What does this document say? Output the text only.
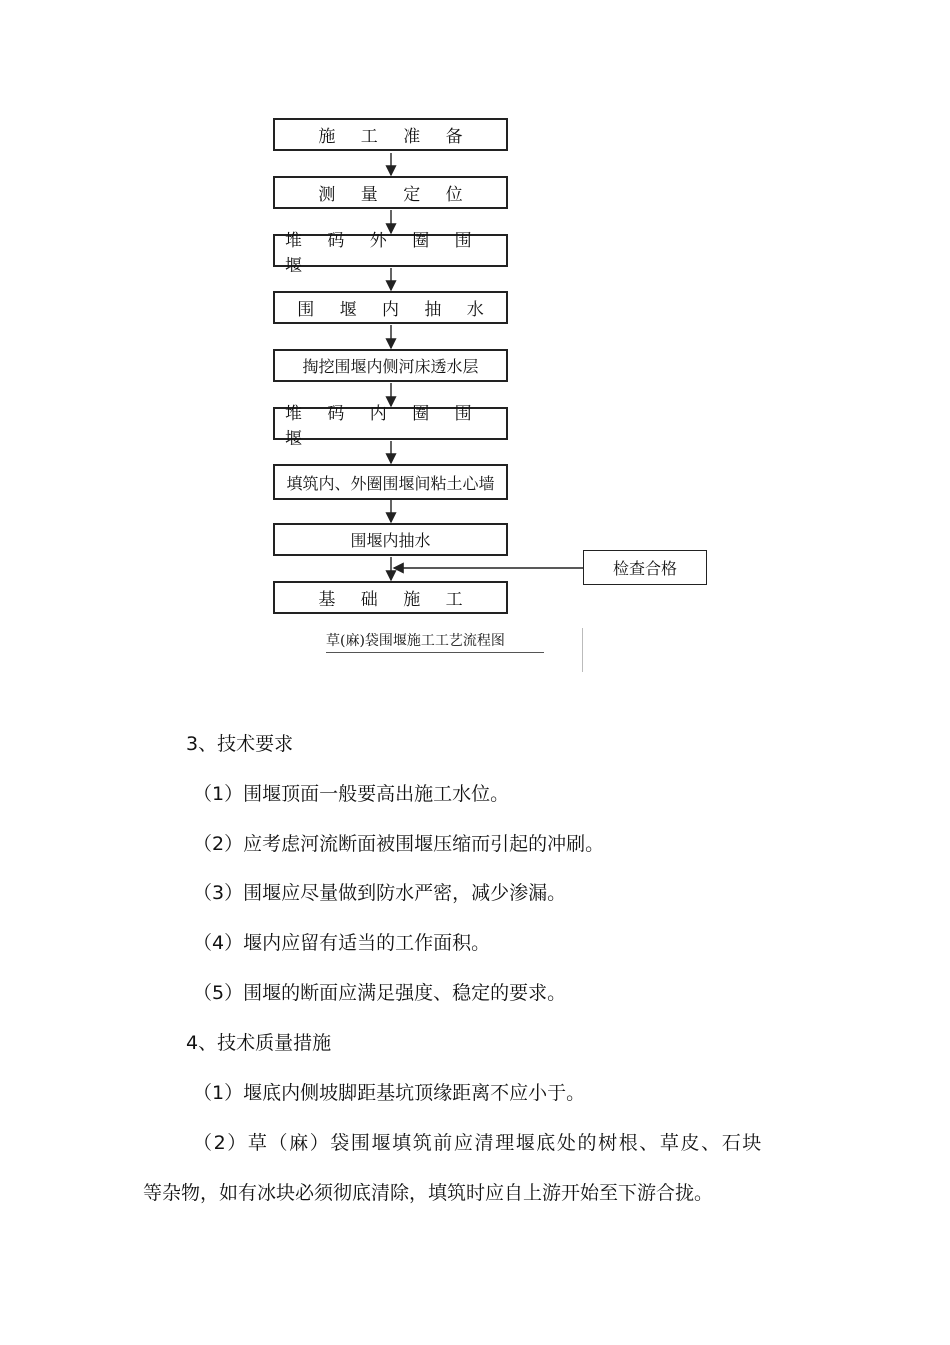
施 工 准 备
测 量 定 位
堆 码 外 圈 围 堰
围 堰 内 抽 水
掏挖围堰内侧河床透水层
堆 码 内 圈 围 堰
填筑内、外圈围堰间粘土心墙
围堰内抽水
基 础 施 工
检查合格
草(麻)袋围堰施工工艺流程图
3、技术要求
（1）围堰顶面一般要高出施工水位。
（2）应考虑河流断面被围堰压缩而引起的冲刷。
（3）围堰应尽量做到防水严密，减少渗漏。
（4）堰内应留有适当的工作面积。
（5）围堰的断面应满足强度、稳定的要求。
4、技术质量措施
（1）堰底内侧坡脚距基坑顶缘距离不应小于。
（2）草（麻）袋围堰填筑前应清理堰底处的树根、草皮、石块
等杂物，如有冰块必须彻底清除，填筑时应自上游开始至下游合拢。
